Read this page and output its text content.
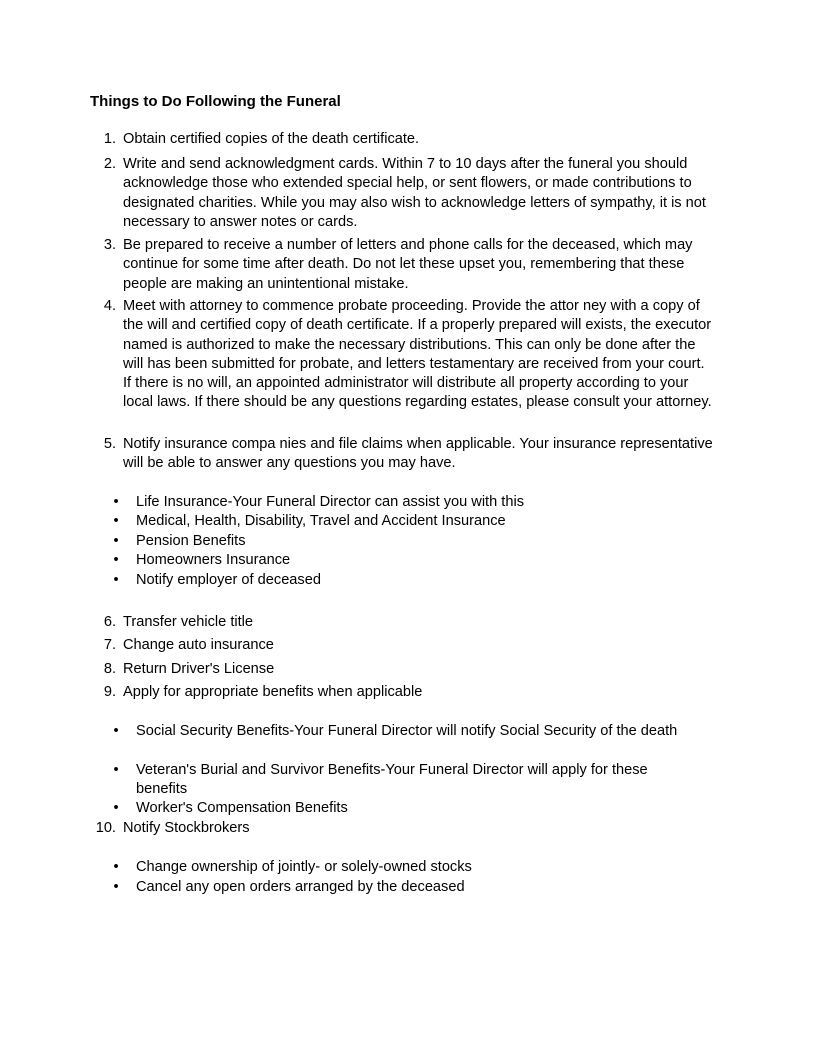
Things to Do Following the Funeral
1. Obtain certified copies of the death certificate.
2. Write and send acknowledgment cards. Within 7 to 10 days after the funeral you should acknowledge those who extended special help, or sent flowers, or made contributions to designated charities. While you may also wish to acknowledge letters of sympathy, it is not necessary to answer notes or cards.
3. Be prepared to receive a number of letters and phone calls for the deceased, which may continue for some time after death. Do not let these upset you, remembering that these people are making an unintentional mistake.
4. Meet with attorney to commence probate proceeding. Provide the attor ney with a copy of the will and certified copy of death certificate. If a properly prepared will exists, the executor named is authorized to make the necessary distributions. This can only be done after the will has been submitted for probate, and letters testamentary are received from your court. If there is no will, an appointed administrator will distribute all property according to your local laws. If there should be any questions regarding estates, please consult your attorney.
5. Notify insurance compa nies and file claims when applicable. Your insurance representative will be able to answer any questions you may have.
• Life Insurance-Your Funeral Director can assist you with this
• Medical, Health, Disability, Travel and Accident Insurance
• Pension Benefits
• Homeowners Insurance
• Notify employer of deceased
6. Transfer vehicle title
7. Change auto insurance
8. Return Driver's License
9. Apply for appropriate benefits when applicable
• Social Security Benefits-Your Funeral Director will notify Social Security of the death
• Veteran's Burial and Survivor Benefits-Your Funeral Director will apply for these benefits
• Worker's Compensation Benefits
10. Notify Stockbrokers
• Change ownership of jointly- or solely-owned stocks
• Cancel any open orders arranged by the deceased
